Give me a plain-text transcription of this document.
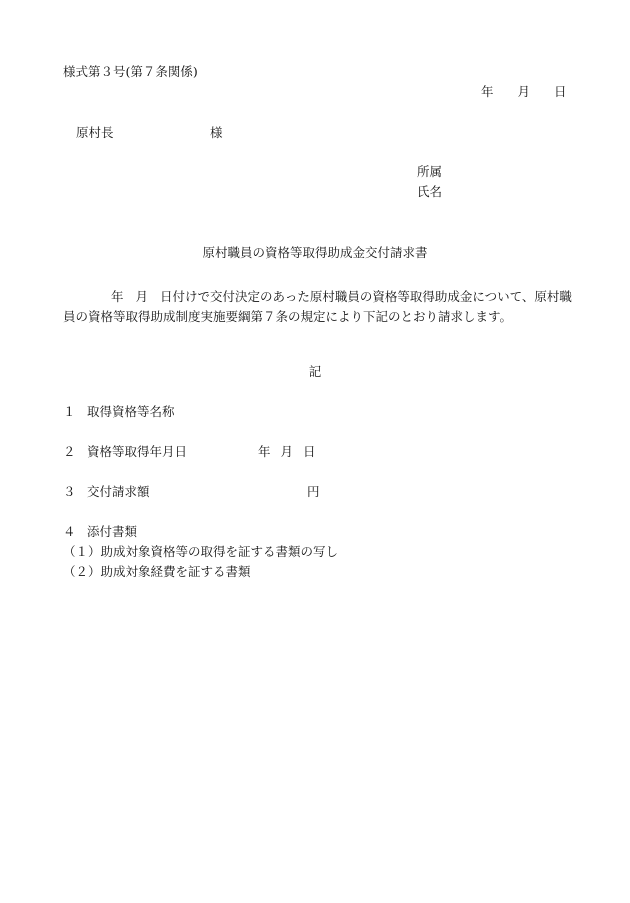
様式第３号(第７条関係)
年 月 日
原村長	様
所属
氏名
原村職員の資格等取得助成金交付請求書
年 月 日付けで交付決定のあった原村職員の資格等取得助成金について、原村職
員の資格等取得助成制度実施要綱第７条の規定により下記のとおり請求します。
記
１ 取得資格等名称
２ 資格等取得年月日	年 月 日
３ 交付請求額	円
４ 添付書類
（１）助成対象資格等の取得を証する書類の写し
（２）助成対象経費を証する書類
